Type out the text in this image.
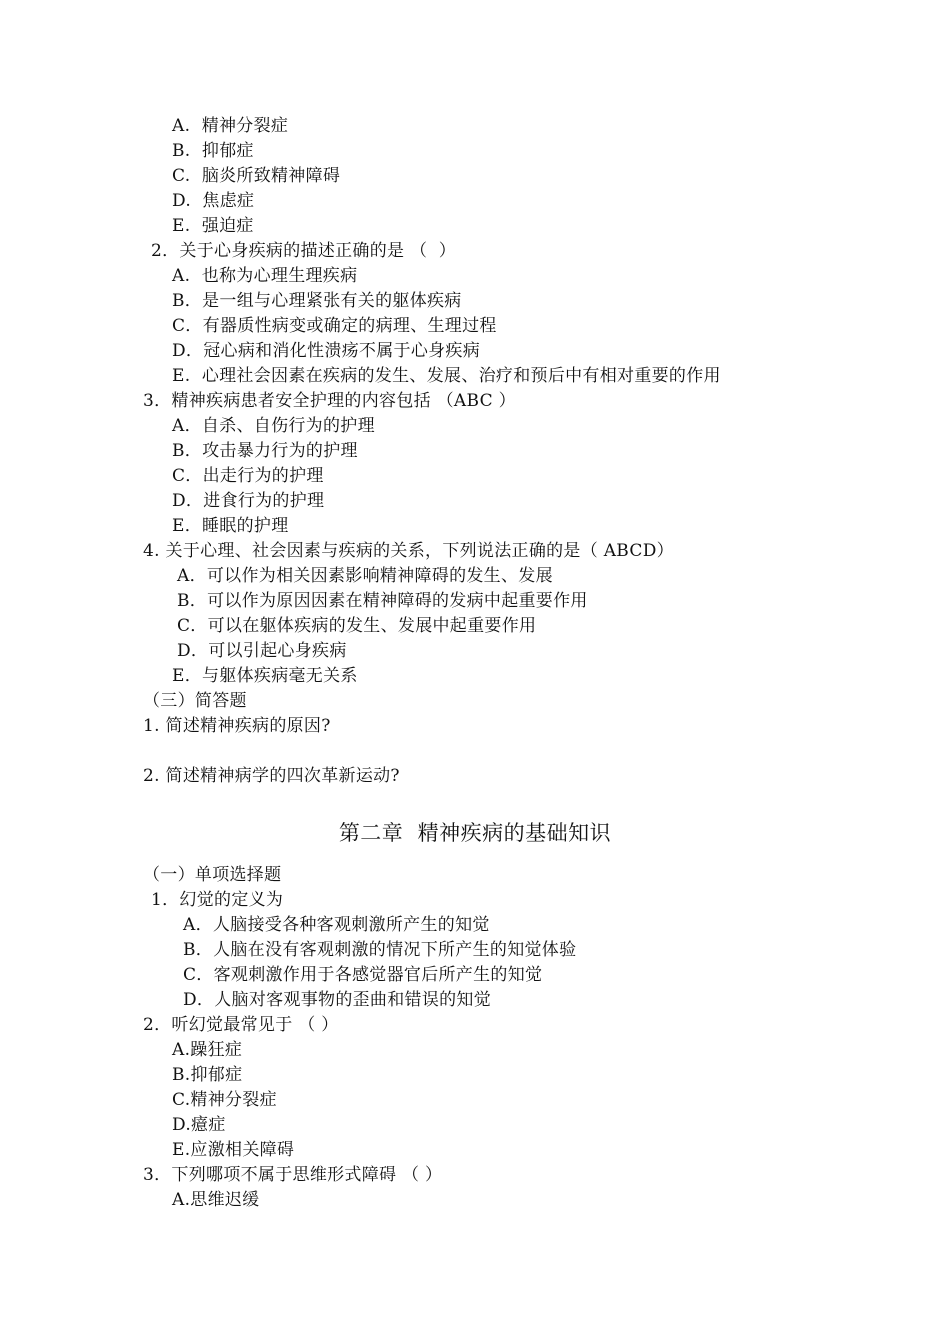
A.  精神分裂症
B.  抑郁症
C.  脑炎所致精神障碍
D.  焦虑症
E.  强迫症
2．关于心身疾病的描述正确的是 （  ）
A.  也称为心理生理疾病
B．是一组与心理紧张有关的躯体疾病
C．有器质性病变或确定的病理、生理过程
D．冠心病和消化性溃疡不属于心身疾病
E.  心理社会因素在疾病的发生、发展、治疗和预后中有相对重要的作用
3．精神疾病患者安全护理的内容包括 （ABC ）
A．自杀、自伤行为的护理
B．攻击暴力行为的护理
C．出走行为的护理
D．进食行为的护理
E．睡眠的护理
4. 关于心理、社会因素与疾病的关系，下列说法正确的是（ ABCD）
A．可以作为相关因素影响精神障碍的发生、发展
B．可以作为原因因素在精神障碍的发病中起重要作用
C．可以在躯体疾病的发生、发展中起重要作用
D．可以引起心身疾病
E．与躯体疾病毫无关系
（三）简答题
1. 简述精神疾病的原因?
2. 简述精神病学的四次革新运动?
第二章  精神疾病的基础知识
（一）单项选择题
1．幻觉的定义为
A．人脑接受各种客观刺激所产生的知觉
B．人脑在没有客观刺激的情况下所产生的知觉体验
C．客观刺激作用于各感觉器官后所产生的知觉
D．人脑对客观事物的歪曲和错误的知觉
2．听幻觉最常见于 （ ）
A.躁狂症
B.抑郁症
C.精神分裂症
D.癔症
E.应激相关障碍
3．下列哪项不属于思维形式障碍 （ ）
A.思维迟缓
